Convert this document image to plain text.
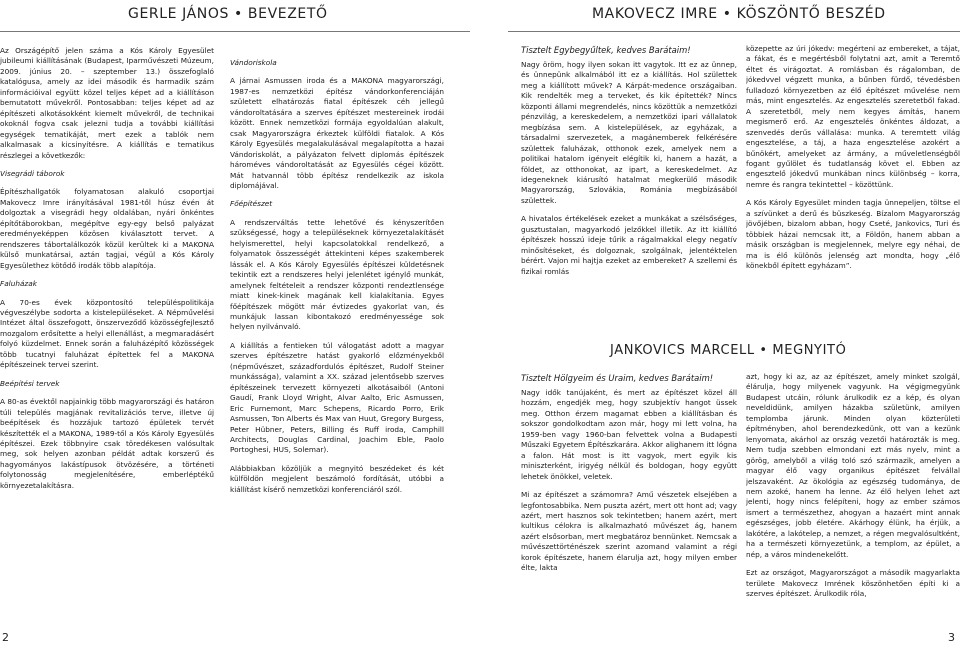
GERLE JÁNOS • BEVEZETŐ

Az Országépítő jelen száma a Kós Károly Egyesület jubileumi kiállításának (Budapest, Iparművészeti Múzeum, 2009. június 20. – szeptember 13.) összefoglaló katalógusa, amely az idei második és harmadik szám információival együtt közel teljes képet ad a kiállításon bemutatott művekről. Pontosabban: teljes képet ad az építészeti alkotásokként kiemelt művekről, de technikai okoknál fogva csak jelezni tudja a további kiállítási egységek tematikáját, mert ezek a tablók nem alkalmasak a kicsinyítésre. A kiállítás e tematikus részlegei a következők:

Visegrádi táborok

Építészhallgatók folyamatosan alakuló csoportjai Makovecz Imre irányításával 1981-től húsz évén át dolgoztak a visegrádi hegy oldalában, nyári önkéntes építőtáborokban, megépítve egy-egy belső palyázat eredményeképpen közösen kiválasztott tervet. A rendszeres tábortalálkozók közül kerültek ki a MAKONA külső munkatársai, aztán tagjai, végül a Kós Károly Egyesülethez kötődő irodák több alapítója.

Faluházak

A 70-es évek központosító településpolitikája végveszélybe sodorta a kistelepüléseket. A Népművelési Intézet által összefogott, önszerveződő közösségfejlesztő mozgalom erősítette a helyi ellenállást, a megmaradásért folyó küzdelmet. Ennek során a faluházépítő közösségek több tucatnyi faluházat építettek fel a MAKONA építészeinek tervei szerint.

Beépítési tervek

A 80-as évektől napjainkig több magyarországi és határon túli település magjának revitalizációs terve, illetve új beépítések és hozzájuk tartozó épületek tervét készítették el a MAKONA, 1989-től a Kós Károly Egyesülés építészei. Ezek többnyire csak töredékesen valósultak meg, sok helyen azonban példát adtak korszerű és hagyományos lakástípusok ötvözésére, a történeti folytonosság megjelenítésére, emberléptékű környezetalakításra.

Vándoriskola

A járnai Asmussen iroda és a MAKONA magyarországi, 1987-es nemzetközi építész vándorkonferenciáján született elhatározás fiatal építészek céh jellegű vándoroltatására a szerves építészet mestereinek irodái között. Ennek nemzetközi formája egyoldalúan alakult, csak Magyarországra érkeztek külföldi fiatalok. A Kós Károly Egyesülés megalakulásával megalapította a hazai Vándoriskolát, a pályázaton felvett diplomás építészek hároméves vándoroltatását az Egyesülés cégei között. Mát hatvannál több építész rendelkezik az iskola diplomájával.

Főépítészet

A rendszerváltás tette lehetővé és kényszerítően szükségessé, hogy a településeknek környezetalakításét helyismerettel, helyi kapcsolatokkal rendelkező, a folyamatok összességét áttekinteni képes szakemberek lássák el. A Kós Károly Egyesülés építészei küldetésnek tekintik ezt a rendszeres helyi jelenlétet igénylő munkát, amelynek feltételeit a rendszer központi rendeztlensége miatt kinek-kinek magának kell kialakítania. Egyes főépítészek mögött már évtizedes gyakorlat van, és munkájuk lassan kibontakozó eredményessége sok helyen nyilvánvaló.

A kiállítás a fentieken túl válogatást adott a magyar szerves építészetre hatást gyakorló előzményekből (népművészet, századfordulós építészet, Rudolf Steiner munkássága), valamint a XX. század jelentősebb szerves építészeinek tervezett környezeti alkotásaiból (Antoni Gaudí, Frank Lloyd Wright, Alvar Aalto, Eric Asmussen, Eric Furnemont, Marc Schepens, Ricardo Porro, Erik Asmussen, Ton Alberts és Max van Huut, Gregory Burgess, Peter Hübner, Peters, Billing és Ruff iroda, Camphill Architects, Douglas Cardinal, Joachim Eble, Paolo Portoghesi, HUS, Solemar).

Alábbiakban közöljük a megnyitó beszédeket és két külföldön megjelent beszámoló fordítását, utóbbi a kiállítást kísérő nemzetközi konferenciáról szól.

2
MAKOVECZ IMRE • KÖSZÖNTŐ BESZÉD
Tisztelt Egybegyűltek, kedves Barátaim!

Nagy öröm, hogy ilyen sokan itt vagytok. Itt ez az ünnep, és ünnepünk alkalmából itt ez a kiállítás. Hol születtek meg a kiállított művek? A Kárpát-medence országaiban. Kik rendelték meg a terveket, és kik építették? Nincs központi állami megrendelés, nincs közöttük a nemzetközi pénzvilág, a kereskedelem, a nemzetközi ipari vállalatok megbízása sem. A kistelepülések, az egyházak, a társadalmi szervezetek, a magánemberek felkérésére születtek faluházak, otthonok ezek, amelyek nem a politikai hatalom igényeit elégítik ki, hanem a hazát, a földet, az otthonokat, az ipart, a kereskedelmet. Az idegeneknek kiárusító hatalmat megkerülő második Magyarország, Szlovákia, Románia megbízásából születtek.

A hivatalos értékelések ezeket a munkákat a szélsőséges, gusztustalan, magyarkodó jelzőkkel illetik. Az itt kiállító építészek hosszú ideje tűrik a rágalmakkal elegy negatív minősítéseket, és dolgoznak, szolgálnak, jelentéktelen bérért. Vajon mi hajtja ezeket az embereket? A szellemi és fizikai romlás

közepette az úri jókedv: megérteni az embereket, a tájat, a fákat, és e megértésből folytatni azt, amit a Teremtő éltet és virágoztat. A romlásban és rágalomban, de jókedvvel végzett munka, a bűnben fürdő, tévedésben fulladozó környezetben az élő építészet művelése nem más, mint engesztelés. Az engesztelés szeretetből fakad. A szeretetből, mely nem kegyes ámítás, hanem megismerő erő. Az engesztelés önkéntes áldozat, a szenvedés derűs vállalása: munka. A teremtett világ engesztelése, a táj, a haza engesztelése azokért a bűnökért, amelyeket az ármány, a műveletlenségből fogant gyűlölet és tudatlanság követ el. Ebben az engesztelő jókedvű munkában nincs különbség – korra, nemre és rangra tekintettel – közöttünk.

A Kós Károly Egyesület minden tagja ünnepeljen, töltse el a szívünket a derű és büszkeség. Bízalom Magyarország jövőjében, bizalom abban, hogy Cseté, Jankovics, Turi és többiek házai nemcsak itt, a Földön, hanem abban a másik országban is megjelennek, melyre egy néhai, de ma is élő különös jelenség azt mondta, hogy „élő könekből épített egyházam”.

JANKOVICS MARCELL • MEGNYITÓ
Tisztelt Hölgyeim és Uraim, kedves Barátaim!

Nagy idők tanújaként, és mert az építészet közel áll hozzám, engedjék meg, hogy szubjektív hangot üssek meg. Otthon érzem magamat ebben a kiállításban és sokszor gondolkodtam azon már, hogy mi lett volna, ha 1959-ben vagy 1960-ban felvettek volna a Budapesti Műszaki Egyetem Építészkarára. Akkor alighanem itt lógna a falon. Hát most is itt vagyok, mert egyik kis miniszterként, irigyég nélkül és boldogan, hogy együtt lehetek önökkel, veletek.

Mi az építészet a számomra? Amű vészetek elsejében a legfontosabbika. Nem puszta azért, mert ott hont ad; vagy azért, mert hasznos sok tekintetben; hanem azért, mert kultikus célokra is alkalmazható művészet ág, hanem azért elsősorban, mert megbatároz bennünket. Nemcsak a művészettörténészek szerint azomand valamint a régi korok építészete, hanem élarulja azt, hogy milyen ember élte, lakta

azt, hogy ki az, az az építészet, amely minket szolgál, élárulja, hogy milyenek vagyunk. Ha végigmegyünk Budapest utcáin, rólunk árulkodik ez a kép, és olyan neveldidünk, amilyen házakba születünk, amilyen templomba járunk. Minden olyan közterületi építményben, ahol berendezkedünk, ott van a kezünk lenyomata, akárhol az ország vezetői határozták is meg. Nem tudja szebben elmondani ezt más nyelv, mint a görög, amelyből a világ toló szó származik, amelyen a magyar élő vagy organikus építészet felvállal jelszavaként. Az ökológia az egészség tudománya, de nem azoké, hanem ha lenne. Az élő helyen lehet azt jelenti, hogy nincs felépíteni, hogy az ember számos ismert a természethez, ahogyan a hazaért mint annak egészséges, jobb életére. Akárhogy élünk, ha érjük, a lakótére, a lakótelep, a nemzet, a régen megvalósultként, ha a természeti környezetünk, a templom, az épület, a nép, a város mindenekelőtt.

Ezt az országot, Magyarországot a második magyarlakta területe Makovecz Imrének köszönhetően építi ki a szerves építészet. Árulkodik róla,

3
